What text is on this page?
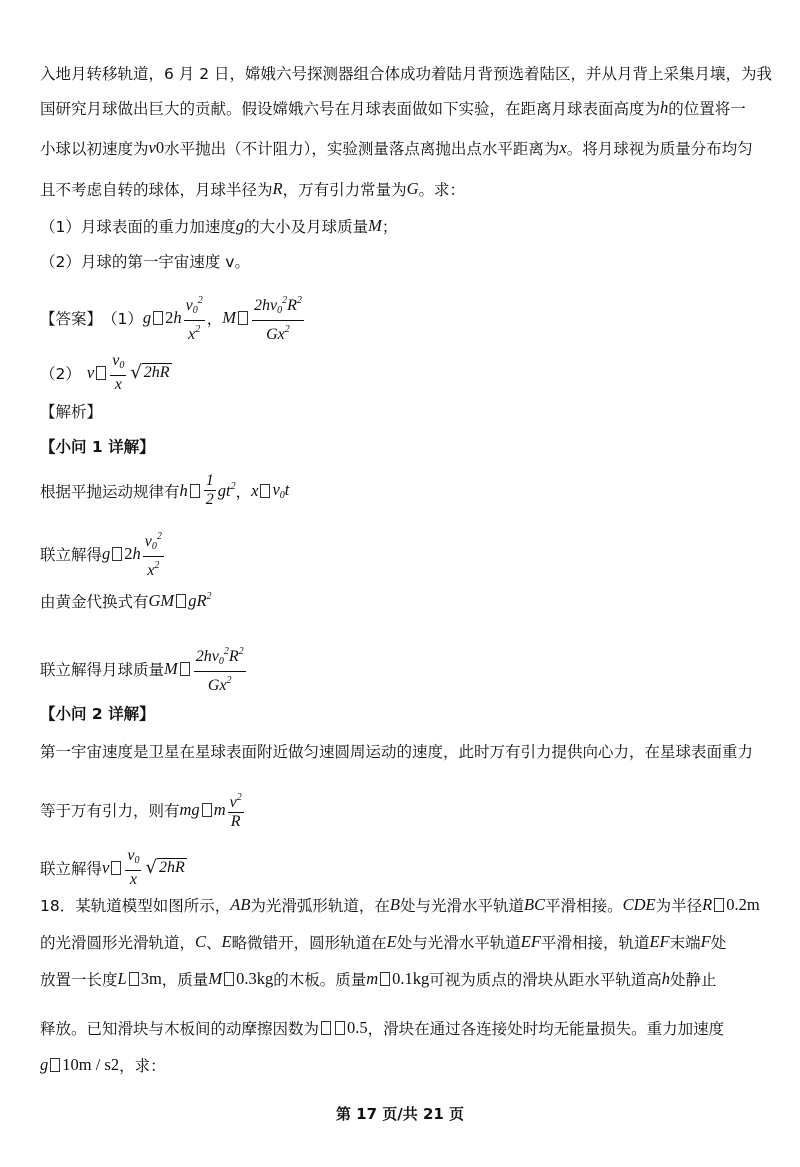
入地月转移轨道，6 月 2 日，嫦娥六号探测器组合体成功着陆月背预选着陆区，并从月背上采集月壤，为我
国研究月球做出巨大的贡献。假设嫦娥六号在月球表面做如下实验，在距离月球表面高度为 h 的位置将一
小球以初速度为 v 0 水平抛出（不计阻力），实验测量落点离抛出点水平距离为 x 。将月球视为质量分布均匀
且不考虑自转的球体，月球半径为 R ，万有引力常量为 G 。求：
（1）月球表面的重力加速度 g 的大小及月球质量 M ；
（2）月球的第一宇宙速度 v。
【答案】 （1） g 2 h $\frac{v_0^2}{x^2}$ ， M $\frac{2hv_0^2R^2}{Gx^2}$
（2） v $\frac{v_0}{x}$ √ 2hR
【解析】
【小问 1 详解】
根据平抛运动规律有 h $\frac{1}{2} gt^2$ ， x $v_0t$
联立解得 g 2 h $\frac{v_0^2}{x^2}$
由黄金代换式有 GM $gR^2$
联立解得月球质量 M $\frac{2hv_0^2R^2}{Gx^2}$
【小问 2 详解】
第一宇宙速度是卫星在星球表面附近做匀速圆周运动的速度，此时万有引力提供向心力，在星球表面重力
等于万有引力，则有 mg m $\frac{v^2}{R}$
联立解得 v $\frac{v_0}{x}$ √ 2hR
18．某轨道模型如图所示， AB 为光滑弧形轨道，在 B 处与光滑水平轨道 BC 平滑相接。 CDE 为半径 R 0.2m
的光滑圆形光滑轨道， C 、 E 略微错开，圆形轨道在 E 处与光滑水平轨道 EF 平滑相接，轨道 EF 末端 F 处
放置一长度 L 3m ，质量 M 0.3kg 的木板。质量 m 0.1kg 可视为质点的滑块从距水平轨道高 h 处静止
释放。已知滑块与木板间的动摩擦因数为 0.5 ，滑块在通过各连接处时均无能量损失。重力加速度
g 10m / s 2 ，求：
第 17 页/共 21 页
